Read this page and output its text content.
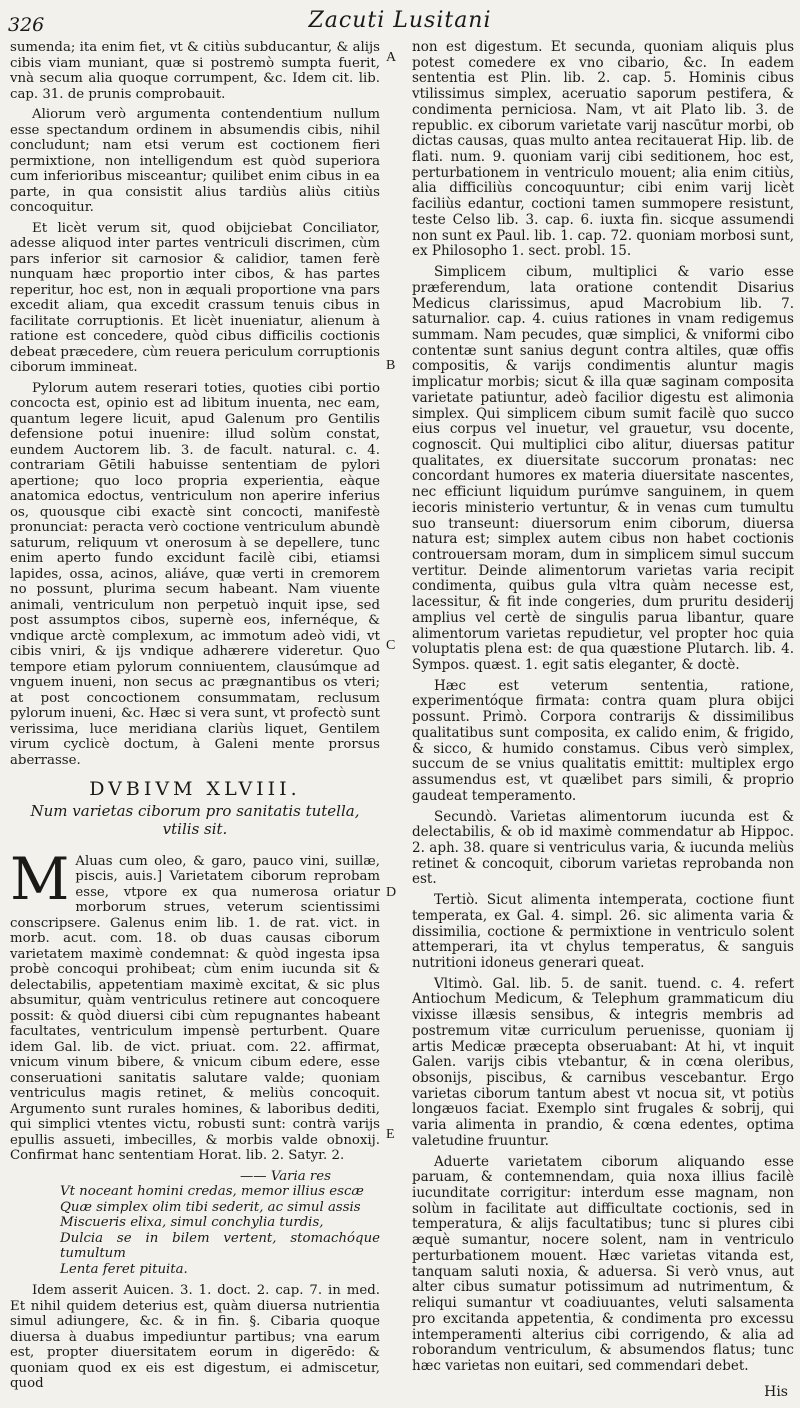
326	Zacuti Lusitani

sumenda; ita enim fiet, vt & citiùs subducantur, & alijs cibis viam muniant, quæ si postremò sumpta fuerit, vnà secum alia quoque corrumpent, &c. Idem cit. lib. cap. 31. de prunis comprobauit.

Aliorum verò argumenta contendentium nullum esse spectandum ordinem in absumendis cibis, nihil concludunt; nam etsi verum est coctionem fieri permixtione, non intelligendum est quòd superiora cum inferioribus misceantur; quilibet enim cibus in ea parte, in qua consistit alius tardiùs aliùs citiùs concoquitur.

Et licèt verum sit, quod obijciebat Conciliator, adesse aliquod inter partes ventriculi discrimen, cùm pars inferior sit carnosior & calidior, tamen ferè nunquam hæc proportio inter cibos, & has partes reperitur, hoc est, non in æquali proportione vna pars excedit aliam, qua excedit crassum tenuis cibus in facilitate corruptionis. Et licèt inueniatur, alienum à ratione est concedere, quòd cibus difficilis coctionis debeat præcedere, cùm reuera periculum corruptionis ciborum immineat.

Pylorum autem reserari toties, quoties cibi portio concocta est, opinio est ad libitum inuenta, nec eam, quantum legere licuit, apud Galenum pro Gentilis defensione potui inuenire: illud solùm constat, eundem Auctorem lib. 3. de facult. natural. c. 4. contrariam Gētili habuisse sententiam de pylori apertione; quo loco propria experientia, eàque anatomica edoctus, ventriculum non aperire inferius os, quousque cibi exactè sint concocti, manifestè pronunciat: peracta verò coctione ventriculum abundè saturum, reliquum vt onerosum à se depellere, tunc enim aperto fundo excidunt facilè cibi, etiamsi lapides, ossa, acinos, aliáve, quæ verti in cremorem no possunt, plurima secum habeant. Nam viuente animali, ventriculum non perpetuò inquit ipse, sed post assumptos cibos, supernè eos, infernéque, & vndique arctè complexum, ac immotum adeò vidi, vt cibis vniri, & ijs vndique adhærere videretur. Quo tempore etiam pylorum conniuentem, clausúmque ad vnguem inueni, non secus ac prægnantibus os vteri; at post concoctionem consummatam, reclusum pylorum inueni, &c. Hæc si vera sunt, vt profectò sunt verissima, luce meridiana clariùs liquet, Gentilem virum cyclicè doctum, à Galeni mente prorsus aberrasse.

DVBIVM XLVIII.
Num varietas ciborum pro sanitatis tutella, vtilis sit.

M Aluas cum oleo, & garo, pauco vini, suillæ, piscis, auis.] Varietatem ciborum reprobam esse, vtpore ex qua numerosa oriatur morborum strues, veterum scientissimi conscripsere. Galenus enim lib. 1. de rat. vict. in morb. acut. com. 18. ob duas causas ciborum varietatem maximè condemnat: & quòd ingesta ipsa probè concoqui prohibeat; cùm enim iucunda sit & delectabilis, appetentiam maximè excitat, & sic plus absumitur, quàm ventriculus retinere aut concoquere possit: & quòd diuersi cibi cùm repugnantes habeant facultates, ventriculum impensè perturbent. Quare idem Gal. lib. de vict. priuat. com. 22. affirmat, vnicum vinum bibere, & vnicum cibum edere, esse conseruationi sanitatis salutare valde; quoniam ventriculus magis retinet, & meliùs concoquit. Argumento sunt rurales homines, & laboribus dediti, qui simplici vtentes victu, robusti sunt: contrà varijs epullis assueti, imbecilles, & morbis valde obnoxij. Confirmat hanc sententiam Horat. lib. 2. Satyr. 2.

—— Varia res
Vt noceant homini credas, memor illius escæ
Quæ simplex olim tibi sederit, ac simul assis
Miscueris elixa, simul conchylia turdis,
Dulcia se in bilem vertent, stomachóque tumultum
Lenta feret pituita.

Idem asserit Auicen. 3. 1. doct. 2. cap. 7. in med. Et nihil quidem deterius est, quàm diuersa nutrientia simul adiungere, &c. & in fin. §. Cibaria quoque diuersa à duabus impediuntur partibus; vna earum est, propter diuersitatem eorum in digerēdo: & quoniam quod ex eis est digestum, ei admiscetur, quod

A
B
C
D
E

non est digestum. Et secunda, quoniam aliquis plus potest comedere ex vno cibario, &c. In eadem sententia est Plin. lib. 2. cap. 5. Hominis cibus vtilissimus simplex, aceruatio saporum pestifera, & condimenta perniciosa. Nam, vt ait Plato lib. 3. de republic. ex ciborum varietate varij nascūtur morbi, ob dictas causas, quas multo antea recitauerat Hip. lib. de flati. num. 9. quoniam varij cibi seditionem, hoc est, perturbationem in ventriculo mouent; alia enim citiùs, alia difficiliùs concoquuntur; cibi enim varij licèt faciliùs edantur, coctioni tamen summopere resistunt, teste Celso lib. 3. cap. 6. iuxta fin. sicque assumendi non sunt ex Paul. lib. 1. cap. 72. quoniam morbosi sunt, ex Philosopho 1. sect. probl. 15.

Simplicem cibum, multiplici & vario esse præferendum, lata oratione contendit Disarius Medicus clarissimus, apud Macrobium lib. 7. saturnalior. cap. 4. cuius rationes in vnam redigemus summam. Nam pecudes, quæ simplici, & vniformi cibo contentæ sunt sanius degunt contra altiles, quæ offis compositis, & varijs condimentis aluntur magis implicatur morbis; sicut & illa quæ saginam composita varietate patiuntur, adeò facilior digestu est alimonia simplex. Qui simplicem cibum sumit facilè quo succo eius corpus vel inuetur, vel grauetur, vsu docente, cognoscit. Qui multiplici cibo alitur, diuersas patitur qualitates, ex diuersitate succorum pronatas: nec concordant humores ex materia diuersitate nascentes, nec efficiunt liquidum purúmve sanguinem, in quem iecoris ministerio vertuntur, & in venas cum tumultu suo transeunt: diuersorum enim ciborum, diuersa natura est; simplex autem cibus non habet coctionis controuersam moram, dum in simplicem simul succum vertitur. Deinde alimentorum varietas varia recipit condimenta, quibus gula vltra quàm necesse est, lacessitur, & fit inde congeries, dum pruritu desiderij amplius vel certè de singulis parua libantur, quare alimentorum varietas repudietur, vel propter hoc quia voluptatis plena est: de qua quæstione Plutarch. lib. 4. Sympos. quæst. 1. egit satis eleganter, & doctè.

Hæc est veterum sententia, ratione, experimentóque firmata: contra quam plura obijci possunt. Primò. Corpora contrarijs & dissimilibus qualitatibus sunt composita, ex calido enim, & frigido, & sicco, & humido constamus. Cibus verò simplex, succum de se vnius qualitatis emittit: multiplex ergo assumendus est, vt quælibet pars simili, & proprio gaudeat temperamento.

Secundò. Varietas alimentorum iucunda est & delectabilis, & ob id maximè commendatur ab Hippoc. 2. aph. 38. quare si ventriculus varia, & iucunda meliùs retinet & concoquit, ciborum varietas reprobanda non est.

Tertiò. Sicut alimenta intemperata, coctione fiunt temperata, ex Gal. 4. simpl. 26. sic alimenta varia & dissimilia, coctione & permixtione in ventriculo solent attemperari, ita vt chylus temperatus, & sanguis nutritioni idoneus generari queat.

Vltimò. Gal. lib. 5. de sanit. tuend. c. 4. refert Antiochum Medicum, & Telephum grammaticum diu vixisse illæsis sensibus, & integris membris ad postremum vitæ curriculum peruenisse, quoniam ij artis Medicæ præcepta obseruabant: At hi, vt inquit Galen. varijs cibis vtebantur, & in cœna oleribus, obsonijs, piscibus, & carnibus vescebantur. Ergo varietas ciborum tantum abest vt nocua sit, vt potiùs longæuos faciat. Exemplo sint frugales & sobrij, qui varia alimenta in prandio, & cœna edentes, optima valetudine fruuntur.

Aduerte varietatem ciborum aliquando esse paruam, & contemnendam, quia noxa illius facilè iucunditate corrigitur: interdum esse magnam, non solùm in facilitate aut difficultate coctionis, sed in temperatura, & alijs facultatibus; tunc si plures cibi æquè sumantur, nocere solent, nam in ventriculo perturbationem mouent. Hæc varietas vitanda est, tanquam saluti noxia, & aduersa. Si verò vnus, aut alter cibus sumatur potissimum ad nutrimentum, & reliqui sumantur vt coadiuuantes, veluti salsamenta pro excitanda appetentia, & condimenta pro excessu intemperamenti alterius cibi corrigendo, & alia ad roborandum ventriculum, & absumendos flatus; tunc hæc varietas non euitari, sed commendari debet.

His
